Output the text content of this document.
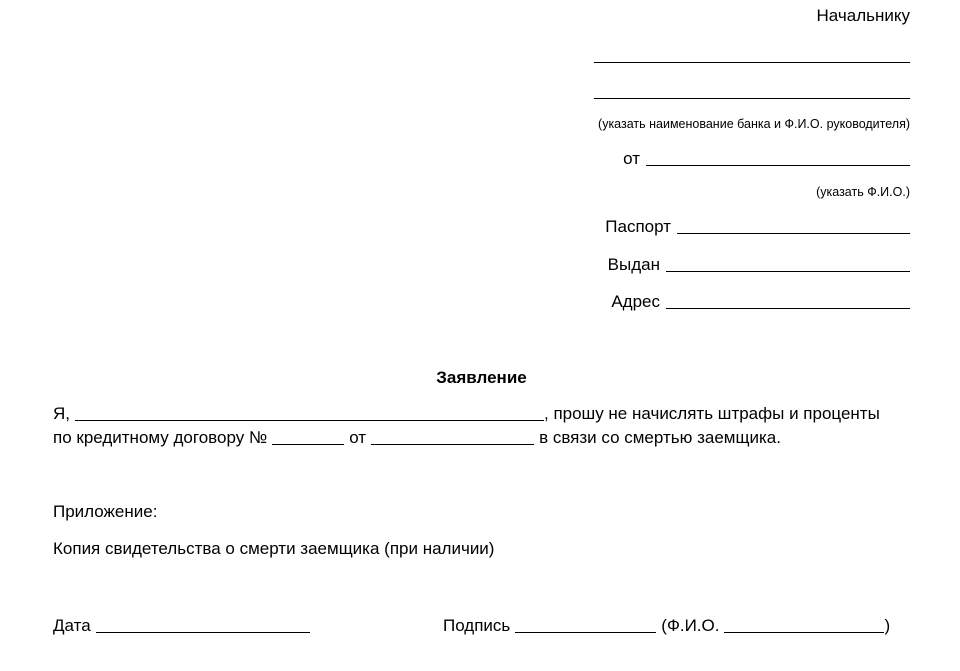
Начальнику
(указать наименование банка и Ф.И.О. руководителя)
от
(указать Ф.И.О.)
Паспорт
Выдан
Адрес
Заявление
Я,	, прошу не начислять штрафы и проценты
по кредитному договору №	от	в связи со смертью заемщика.
Приложение:
Копия свидетельства о смерти заемщика (при наличии)
Дата	Подпись	(Ф.И.О.	)
